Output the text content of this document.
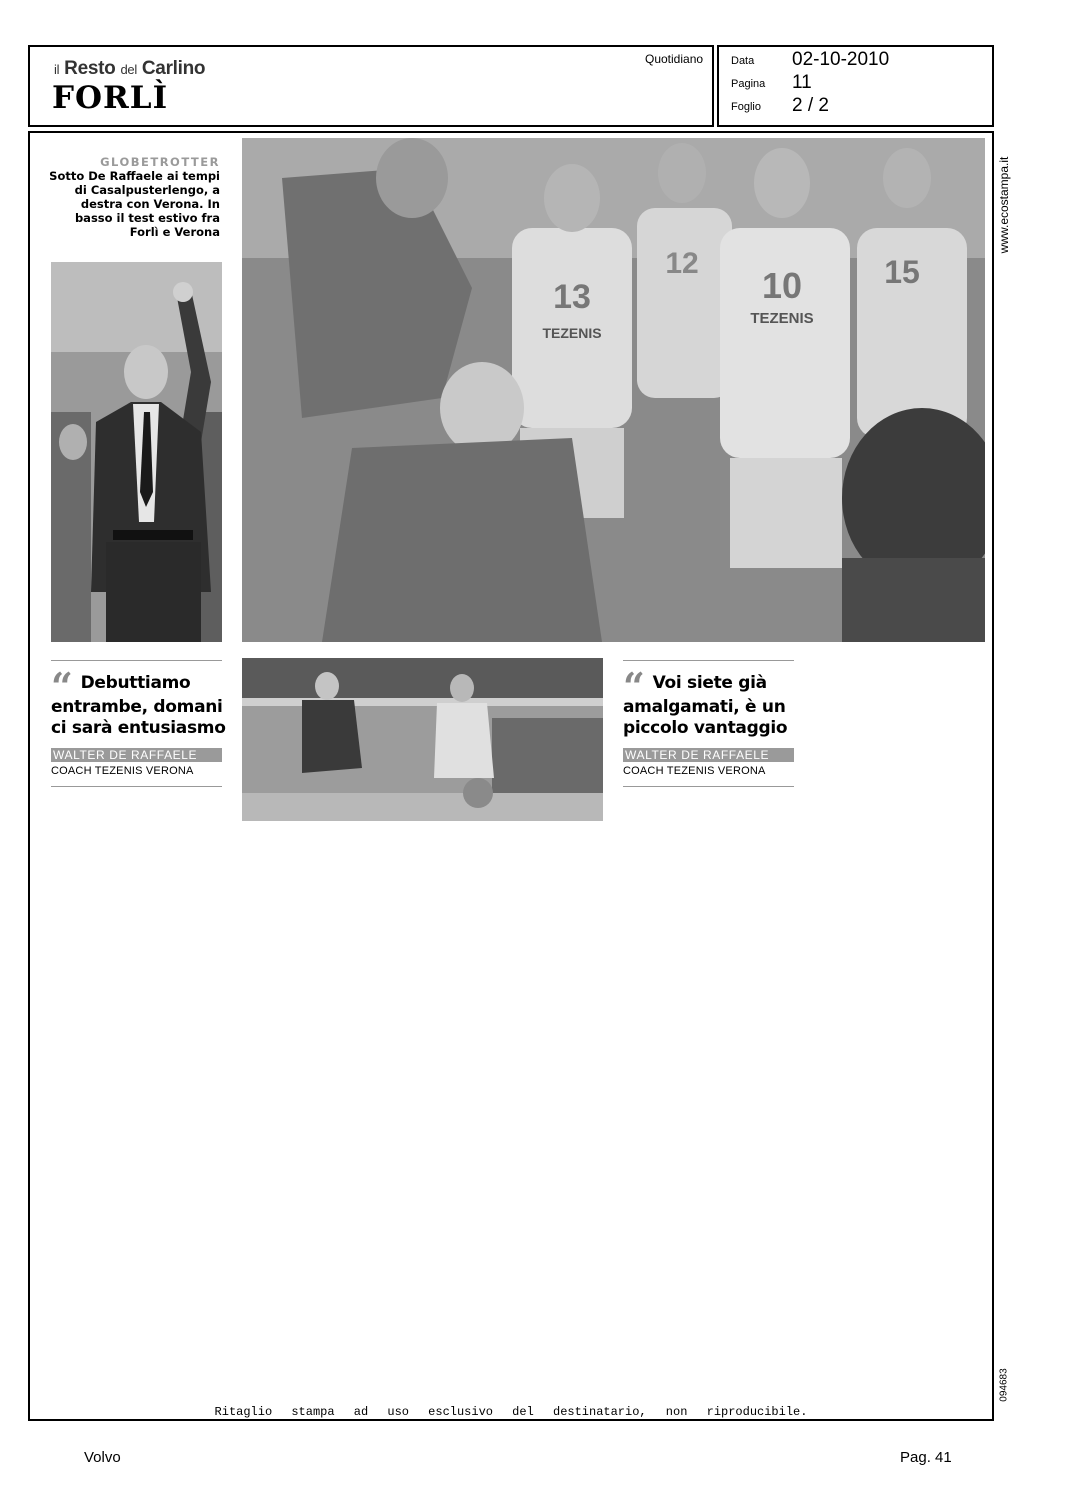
il Resto del Carlino
FORLÌ
Quotidiano	Data 02-10-2010
Pagina 11
Foglio 2 / 2
www.ecostampa.it
094683
GLOBETROTTER
Sotto De Raffaele ai tempi di Casalpusterlengo, a destra con Verona. In basso il test estivo fra Forlì e Verona
13
TEZENIS
12
10
TEZENIS
15
“ Debuttiamo entrambe, domani ci sarà entusiasmo
WALTER DE RAFFAELE
COACH TEZENIS VERONA
“ Voi siete già amalgamati, è un piccolo vantaggio
WALTER DE RAFFAELE
COACH TEZENIS VERONA
Ritaglio stampa ad uso esclusivo del destinatario, non riproducibile.
Volvo	Pag. 41
